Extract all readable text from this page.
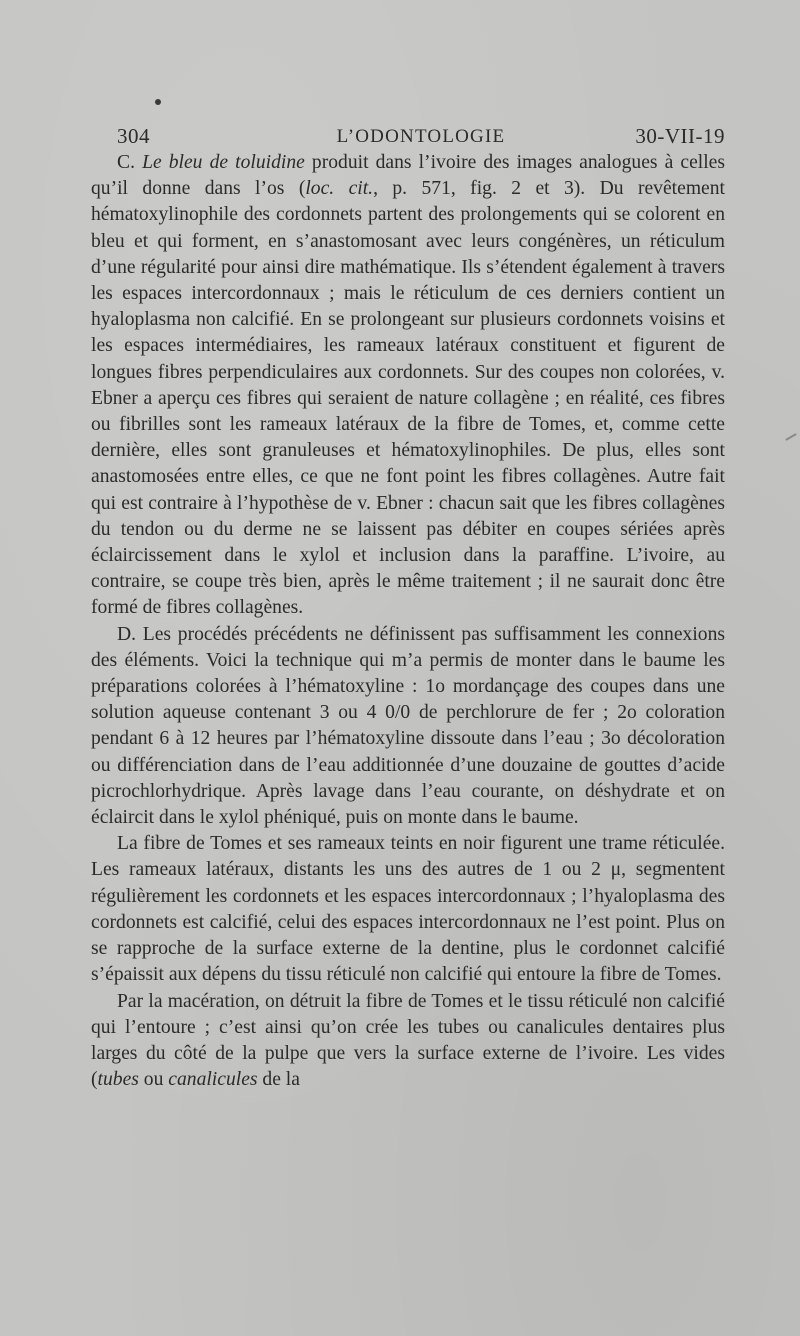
304	L’ODONTOLOGIE	30-VII-19

C. Le bleu de toluidine produit dans l’ivoire des images analogues à celles qu’il donne dans l’os (loc. cit., p. 571, fig. 2 et 3). Du revêtement hématoxylinophile des cordonnets partent des prolongements qui se colorent en bleu et qui forment, en s’anastomosant avec leurs congénères, un réticulum d’une régularité pour ainsi dire mathématique. Ils s’étendent également à travers les espaces intercordonnaux ; mais le réticulum de ces derniers contient un hyaloplasma non calcifié. En se prolongeant sur plusieurs cordonnets voisins et les espaces intermédiaires, les rameaux latéraux constituent et figurent de longues fibres perpendiculaires aux cordonnets. Sur des coupes non colorées, v. Ebner a aperçu ces fibres qui seraient de nature collagène ; en réalité, ces fibres ou fibrilles sont les rameaux latéraux de la fibre de Tomes, et, comme cette dernière, elles sont granuleuses et hématoxylinophiles. De plus, elles sont anastomosées entre elles, ce que ne font point les fibres collagènes. Autre fait qui est contraire à l’hypothèse de v. Ebner : chacun sait que les fibres collagènes du tendon ou du derme ne se laissent pas débiter en coupes sériées après éclaircissement dans le xylol et inclusion dans la paraffine. L’ivoire, au contraire, se coupe très bien, après le même traitement ; il ne saurait donc être formé de fibres collagènes.

D. Les procédés précédents ne définissent pas suffisamment les connexions des éléments. Voici la technique qui m’a permis de monter dans le baume les préparations colorées à l’hématoxyline : 1o mordançage des coupes dans une solution aqueuse contenant 3 ou 4 0/0 de perchlorure de fer ; 2o coloration pendant 6 à 12 heures par l’hématoxyline dissoute dans l’eau ; 3o décoloration ou différenciation dans de l’eau additionnée d’une douzaine de gouttes d’acide picrochlorhydrique. Après lavage dans l’eau courante, on déshydrate et on éclaircit dans le xylol phéniqué, puis on monte dans le baume.

La fibre de Tomes et ses rameaux teints en noir figurent une trame réticulée. Les rameaux latéraux, distants les uns des autres de 1 ou 2 μ, segmentent régulièrement les cordonnets et les espaces intercordonnaux ; l’hyaloplasma des cordonnets est calcifié, celui des espaces intercordonnaux ne l’est point. Plus on se rapproche de la surface externe de la dentine, plus le cordonnet calcifié s’épaissit aux dépens du tissu réticulé non calcifié qui entoure la fibre de Tomes.

Par la macération, on détruit la fibre de Tomes et le tissu réticulé non calcifié qui l’entoure ; c’est ainsi qu’on crée les tubes ou canalicules dentaires plus larges du côté de la pulpe que vers la surface externe de l’ivoire. Les vides (tubes ou canalicules de la
